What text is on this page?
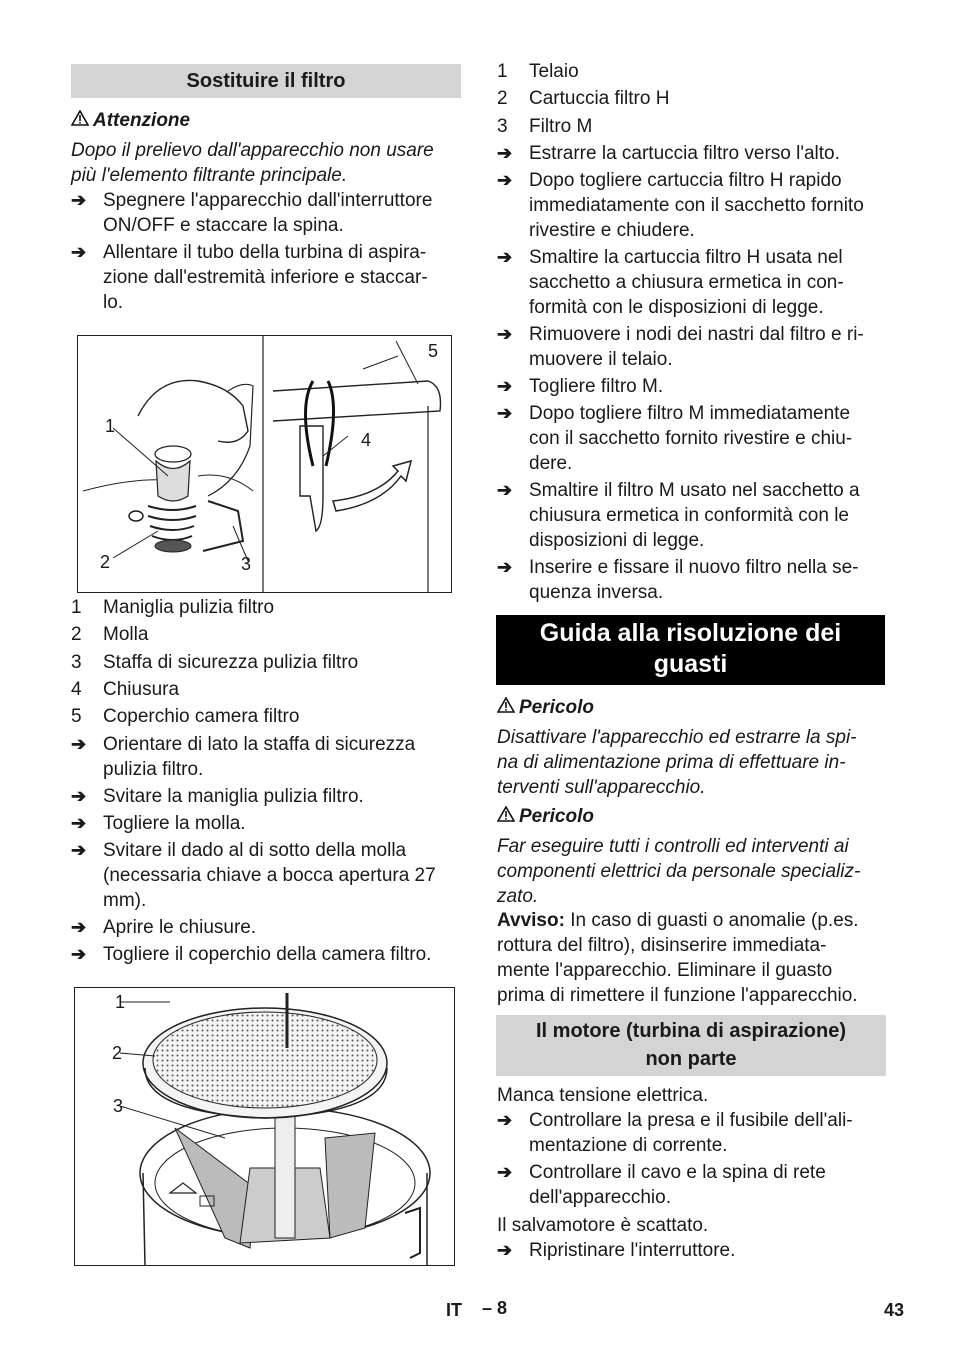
Sostituire il filtro
Attenzione
Dopo il prelievo dall'apparecchio non usare
più l'elemento filtrante principale.
➔ Spegnere l'apparecchio dall'interruttore
ON/OFF e staccare la spina.
➔ Allentare il tubo della turbina di aspira-
zione dall'estremità inferiore e staccar-
lo.
1
2	3
4
5
1 Maniglia pulizia filtro
2 Molla
3 Staffa di sicurezza pulizia filtro
4 Chiusura
5 Coperchio camera filtro
➔ Orientare di lato la staffa di sicurezza
pulizia filtro.
➔ Svitare la maniglia pulizia filtro.
➔ Togliere la molla.
➔ Svitare il dado al di sotto della molla
(necessaria chiave a bocca apertura 27
mm).
➔ Aprire le chiusure.
➔ Togliere il coperchio della camera filtro.
1
2
3
1 Telaio
2 Cartuccia filtro H
3 Filtro M
➔ Estrarre la cartuccia filtro verso l'alto.
➔ Dopo togliere cartuccia filtro H rapido
immediatamente con il sacchetto fornito
rivestire e chiudere.
➔ Smaltire la cartuccia filtro H usata nel
sacchetto a chiusura ermetica in con-
formità con le disposizioni di legge.
➔ Rimuovere i nodi dei nastri dal filtro e ri-
muovere il telaio.
➔ Togliere filtro M.
➔ Dopo togliere filtro M immediatamente
con il sacchetto fornito rivestire e chiu-
dere.
➔ Smaltire il filtro M usato nel sacchetto a
chiusura ermetica in conformità con le
disposizioni di legge.
➔ Inserire e fissare il nuovo filtro nella se-
quenza inversa.
Guida alla risoluzione dei
guasti
Pericolo
Disattivare l'apparecchio ed estrarre la spi-
na di alimentazione prima di effettuare in-
terventi sull'apparecchio.
Pericolo
Far eseguire tutti i controlli ed interventi ai
componenti elettrici da personale specializ-
zato.
Avviso: In caso di guasti o anomalie (p.es.
rottura del filtro), disinserire immediata-
mente l'apparecchio. Eliminare il guasto
prima di rimettere il funzione l'apparecchio.
Il motore (turbina di aspirazione)
non parte
Manca tensione elettrica.
➔ Controllare la presa e il fusibile dell'ali-
mentazione di corrente.
➔ Controllare il cavo e la spina di rete
dell'apparecchio.
Il salvamotore è scattato.
➔ Ripristinare l'interruttore.
IT – 8	43
